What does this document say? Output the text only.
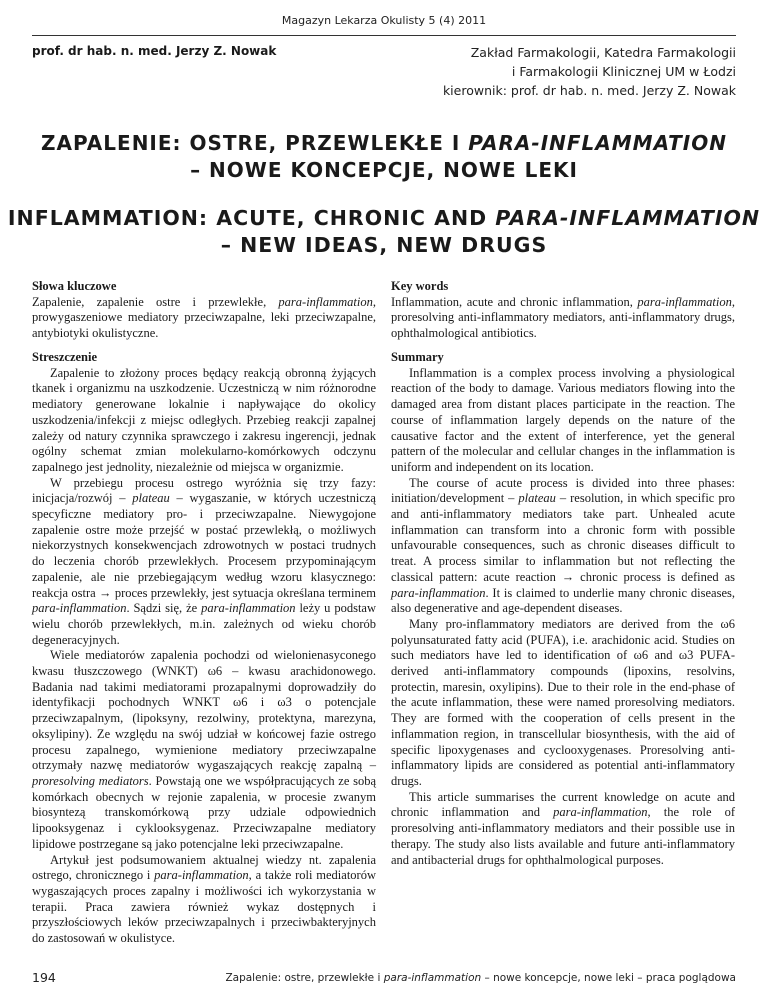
Magazyn Lekarza Okulisty 5 (4) 2011
prof. dr hab. n. med. Jerzy Z. Nowak	Zakład Farmakologii, Katedra Farmakologii
i Farmakologii Klinicznej UM w Łodzi
kierownik: prof. dr hab. n. med. Jerzy Z. Nowak
ZAPALENIE: OSTRE, PRZEWLEKŁE I PARA-INFLAMMATION
– NOWE KONCEPCJE, NOWE LEKI
INFLAMMATION: ACUTE, CHRONIC AND PARA-INFLAMMATION
– NEW IDEAS, NEW DRUGS
Słowa kluczowe

Zapalenie, zapalenie ostre i przewlekłe, para-inflammation, prowygaszeniowe mediatory przeciwzapalne, leki przeciwzapalne, antybiotyki okulistyczne.

Key words

Inflammation, acute and chronic inflammation, para-inflammation, proresolving anti-inflammatory mediators, anti-inflammatory drugs, ophthalmological antibiotics.

Streszczenie

Zapalenie to złożony proces będący reakcją obronną żyjących tkanek i organizmu na uszkodzenie. Uczestniczą w nim różnorodne mediatory generowane lokalnie i napływające do okolicy uszkodzenia/infekcji z miejsc odległych. Przebieg reakcji zapalnej zależy od natury czynnika sprawczego i zakresu ingerencji, jednak ogólny schemat zmian molekularno-komórkowych odczynu zapalnego jest jednolity, niezależnie od miejsca w organizmie.

W przebiegu procesu ostrego wyróżnia się trzy fazy: inicjacja/rozwój – plateau – wygaszanie, w których uczestniczą specyficzne mediatory pro- i przeciwzapalne. Niewygojone zapalenie ostre może przejść w postać przewlekłą, o możliwych niekorzystnych konsekwencjach zdrowotnych w postaci trudnych do leczenia chorób przewlekłych. Procesem przypominającym zapalenie, ale nie przebiegającym według wzoru klasycznego: reakcja ostra → proces przewlekły, jest sytuacja określana terminem para-inflammation. Sądzi się, że para-inflammation leży u podstaw wielu chorób przewlekłych, m.in. zależnych od wieku chorób degeneracyjnych.

Wiele mediatorów zapalenia pochodzi od wielonienasyconego kwasu tłuszczowego (WNKT) ω6 – kwasu arachidonowego. Badania nad takimi mediatorami prozapalnymi doprowadziły do identyfikacji pochodnych WNKT ω6 i ω3 o potencjale przeciwzapalnym, (lipoksyny, rezolwiny, protektyna, marezyna, oksylipiny). Ze względu na swój udział w końcowej fazie ostrego procesu zapalnego, wymienione mediatory przeciwzapalne otrzymały nazwę mediatorów wygaszających reakcję zapalną – proresolving mediators. Powstają one we współpracujących ze sobą komórkach obecnych w rejonie zapalenia, w procesie zwanym biosyntezą transkomórkową przy udziale odpowiednich lipooksygenaz i cyklooksygenaz. Przeciwzapalne mediatory lipidowe postrzegane są jako potencjalne leki przeciwzapalne.

Artykuł jest podsumowaniem aktualnej wiedzy nt. zapalenia ostrego, chronicznego i para-inflammation, a także roli mediatorów wygaszających proces zapalny i możliwości ich wykorzystania w terapii. Praca zawiera również wykaz dostępnych i przyszłościowych leków przeciwzapalnych i przeciwbakteryjnych do zastosowań w okulistyce.

Summary

Inflammation is a complex process involving a physiological reaction of the body to damage. Various mediators flowing into the damaged area from distant places participate in the reaction. The course of inflammation largely depends on the nature of the causative factor and the extent of interference, yet the general pattern of the molecular and cellular changes in the inflammation is uniform and independent on its location.

The course of acute process is divided into three phases: initiation/development – plateau – resolution, in which specific pro and anti-inflammatory mediators take part. Unhealed acute inflammation can transform into a chronic form with possible unfavourable consequences, such as chronic diseases difficult to treat. A process similar to inflammation but not reflecting the classical pattern: acute reaction → chronic process is defined as para-inflammation. It is claimed to underlie many chronic diseases, also degenerative and age-dependent diseases.

Many pro-inflammatory mediators are derived from the ω6 polyunsaturated fatty acid (PUFA), i.e. arachidonic acid. Studies on such mediators have led to identification of ω6 and ω3 PUFA-derived anti-inflammatory compounds (lipoxins, resolvins, protectin, maresin, oxylipins). Due to their role in the end-phase of the acute inflammation, these were named proresolving mediators. They are formed with the cooperation of cells present in the inflammation region, in transcellular biosynthesis, with the aid of specific lipoxygenases and cyclooxygenases. Proresolving anti-inflammatory lipids are considered as potential anti-inflammatory drugs.

This article summarises the current knowledge on acute and chronic inflammation and para-inflammation, the role of proresolving anti-inflammatory mediators and their possible use in therapy. The study also lists available and future anti-inflammatory and antibacterial drugs for ophthalmological purposes.

194	Zapalenie: ostre, przewlekłe i para-inflammation – nowe koncepcje, nowe leki – praca poglądowa
